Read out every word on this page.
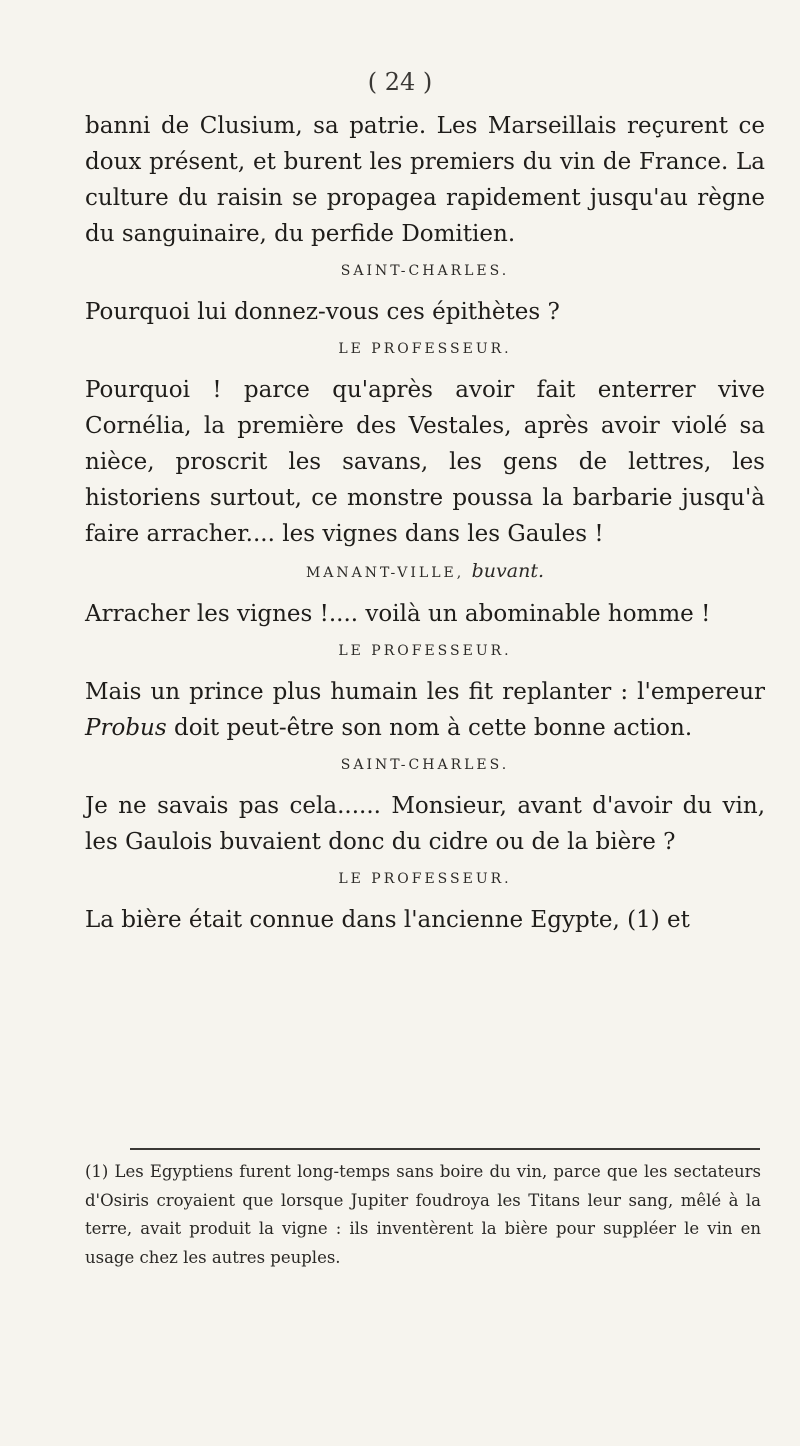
( 24 )

banni de Clusium, sa patrie. Les Marseillais reçurent ce doux présent, et burent les premiers du vin de France. La culture du raisin se propagea rapidement jusqu'au règne du sanguinaire, du perfide Domitien.

SAINT-CHARLES.

Pourquoi lui donnez-vous ces épithètes ?

LE PROFESSEUR.

Pourquoi ! parce qu'après avoir fait enterrer vive Cornélia, la première des Vestales, après avoir violé sa nièce, proscrit les savans, les gens de lettres, les historiens surtout, ce monstre poussa la barbarie jusqu'à faire arracher.... les vignes dans les Gaules !

MANANT-VILLE, buvant.

Arracher les vignes !.... voilà un abominable homme !

LE PROFESSEUR.

Mais un prince plus humain les fit replanter : l'empereur Probus doit peut-être son nom à cette bonne action.

SAINT-CHARLES.

Je ne savais pas cela...... Monsieur, avant d'avoir du vin, les Gaulois buvaient donc du cidre ou de la bière ?

LE PROFESSEUR.

La bière était connue dans l'ancienne Egypte, (1) et

(1) Les Egyptiens furent long-temps sans boire du vin, parce que les sectateurs d'Osiris croyaient que lorsque Jupiter foudroya les Titans leur sang, mêlé à la terre, avait produit la vigne : ils inventèrent la bière pour suppléer le vin en usage chez les autres peuples.
